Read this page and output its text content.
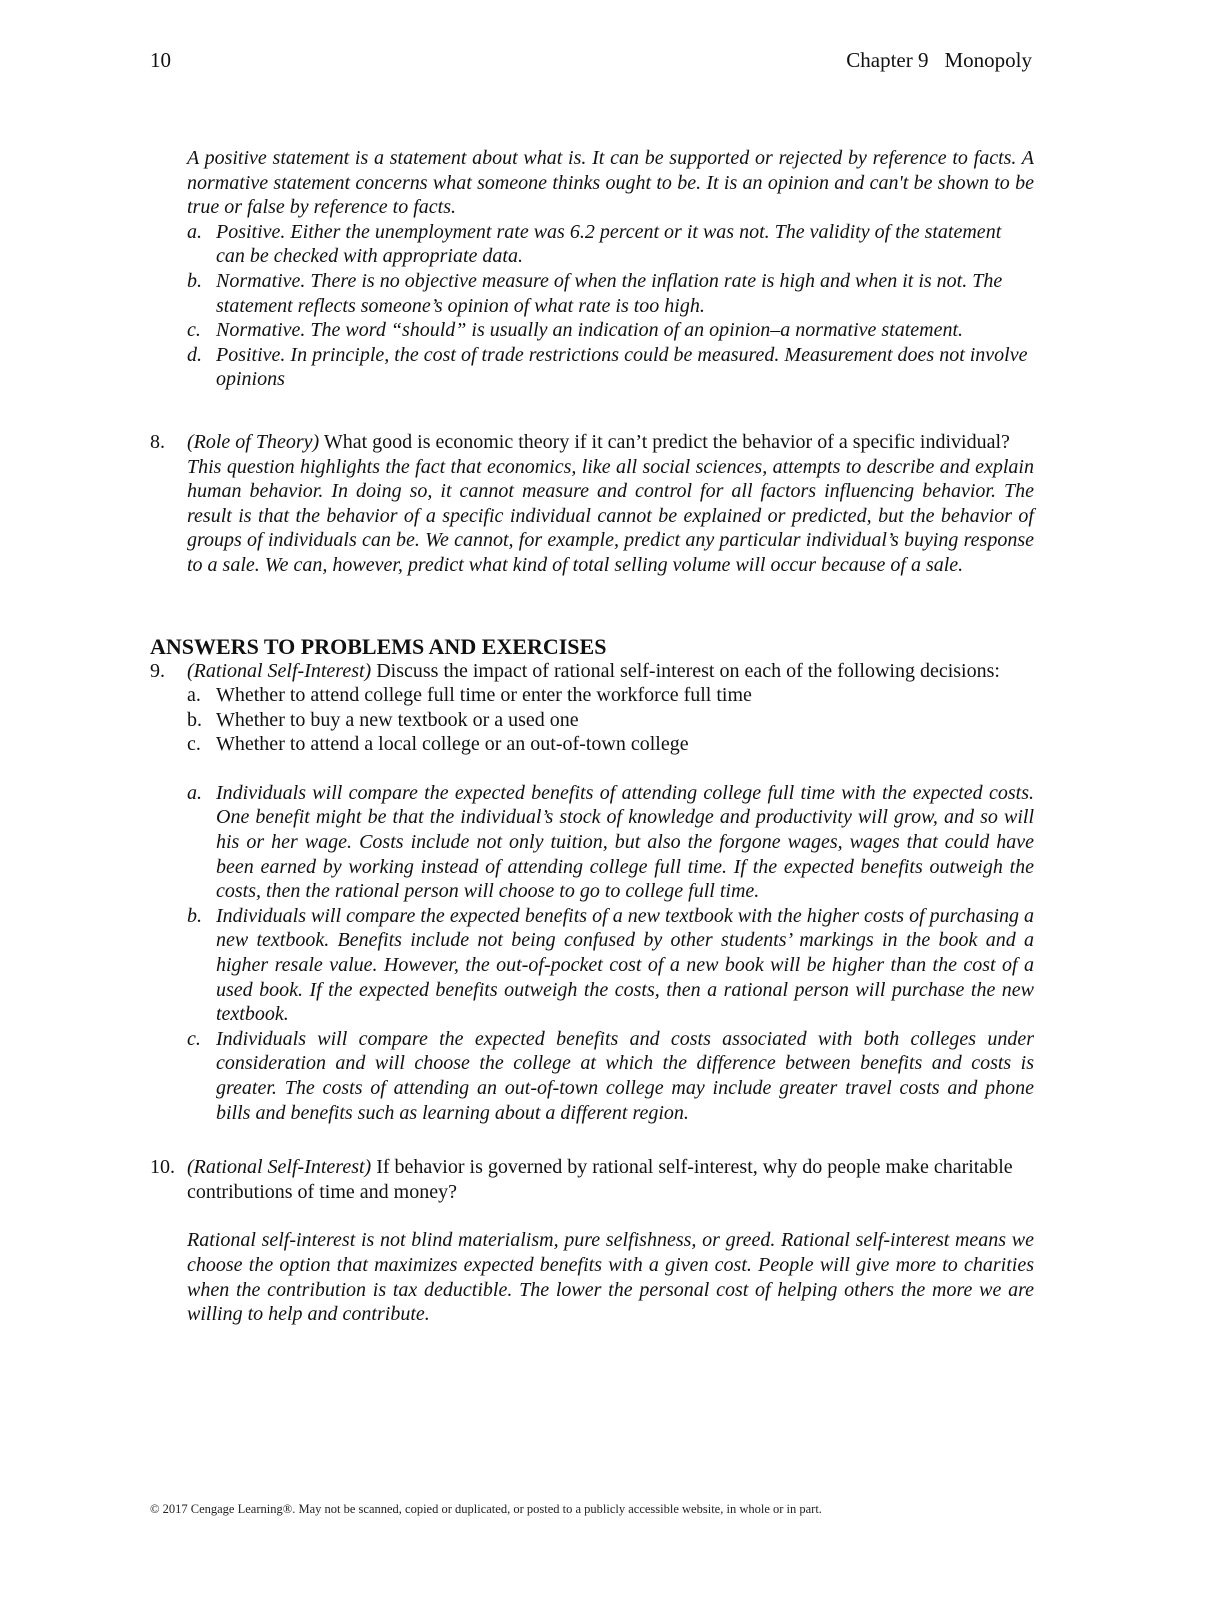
10	Chapter 9 Monopoly
A positive statement is a statement about what is. It can be supported or rejected by reference to facts. A normative statement concerns what someone thinks ought to be. It is an opinion and can't be shown to be true or false by reference to facts.
a. Positive. Either the unemployment rate was 6.2 percent or it was not. The validity of the statement can be checked with appropriate data.
b. Normative. There is no objective measure of when the inflation rate is high and when it is not. The statement reflects someone’s opinion of what rate is too high.
c. Normative. The word “should” is usually an indication of an opinion–a normative statement.
d. Positive. In principle, the cost of trade restrictions could be measured. Measurement does not involve opinions
8. (Role of Theory) What good is economic theory if it can’t predict the behavior of a specific individual?
This question highlights the fact that economics, like all social sciences, attempts to describe and explain human behavior. In doing so, it cannot measure and control for all factors influencing behavior. The result is that the behavior of a specific individual cannot be explained or predicted, but the behavior of groups of individuals can be. We cannot, for example, predict any particular individual’s buying response to a sale. We can, however, predict what kind of total selling volume will occur because of a sale.
ANSWERS TO PROBLEMS AND EXERCISES
9. (Rational Self-Interest) Discuss the impact of rational self-interest on each of the following decisions:
a. Whether to attend college full time or enter the workforce full time
b. Whether to buy a new textbook or a used one
c. Whether to attend a local college or an out-of-town college
a. Individuals will compare the expected benefits of attending college full time with the expected costs. One benefit might be that the individual’s stock of knowledge and productivity will grow, and so will his or her wage. Costs include not only tuition, but also the forgone wages, wages that could have been earned by working instead of attending college full time. If the expected benefits outweigh the costs, then the rational person will choose to go to college full time.
b. Individuals will compare the expected benefits of a new textbook with the higher costs of purchasing a new textbook. Benefits include not being confused by other students’ markings in the book and a higher resale value. However, the out-of-pocket cost of a new book will be higher than the cost of a used book. If the expected benefits outweigh the costs, then a rational person will purchase the new textbook.
c. Individuals will compare the expected benefits and costs associated with both colleges under consideration and will choose the college at which the difference between benefits and costs is greater. The costs of attending an out-of-town college may include greater travel costs and phone bills and benefits such as learning about a different region.
10. (Rational Self-Interest) If behavior is governed by rational self-interest, why do people make charitable contributions of time and money?
Rational self-interest is not blind materialism, pure selfishness, or greed. Rational self-interest means we choose the option that maximizes expected benefits with a given cost. People will give more to charities when the contribution is tax deductible. The lower the personal cost of helping others the more we are willing to help and contribute.
© 2017 Cengage Learning®. May not be scanned, copied or duplicated, or posted to a publicly accessible website, in whole or in part.
